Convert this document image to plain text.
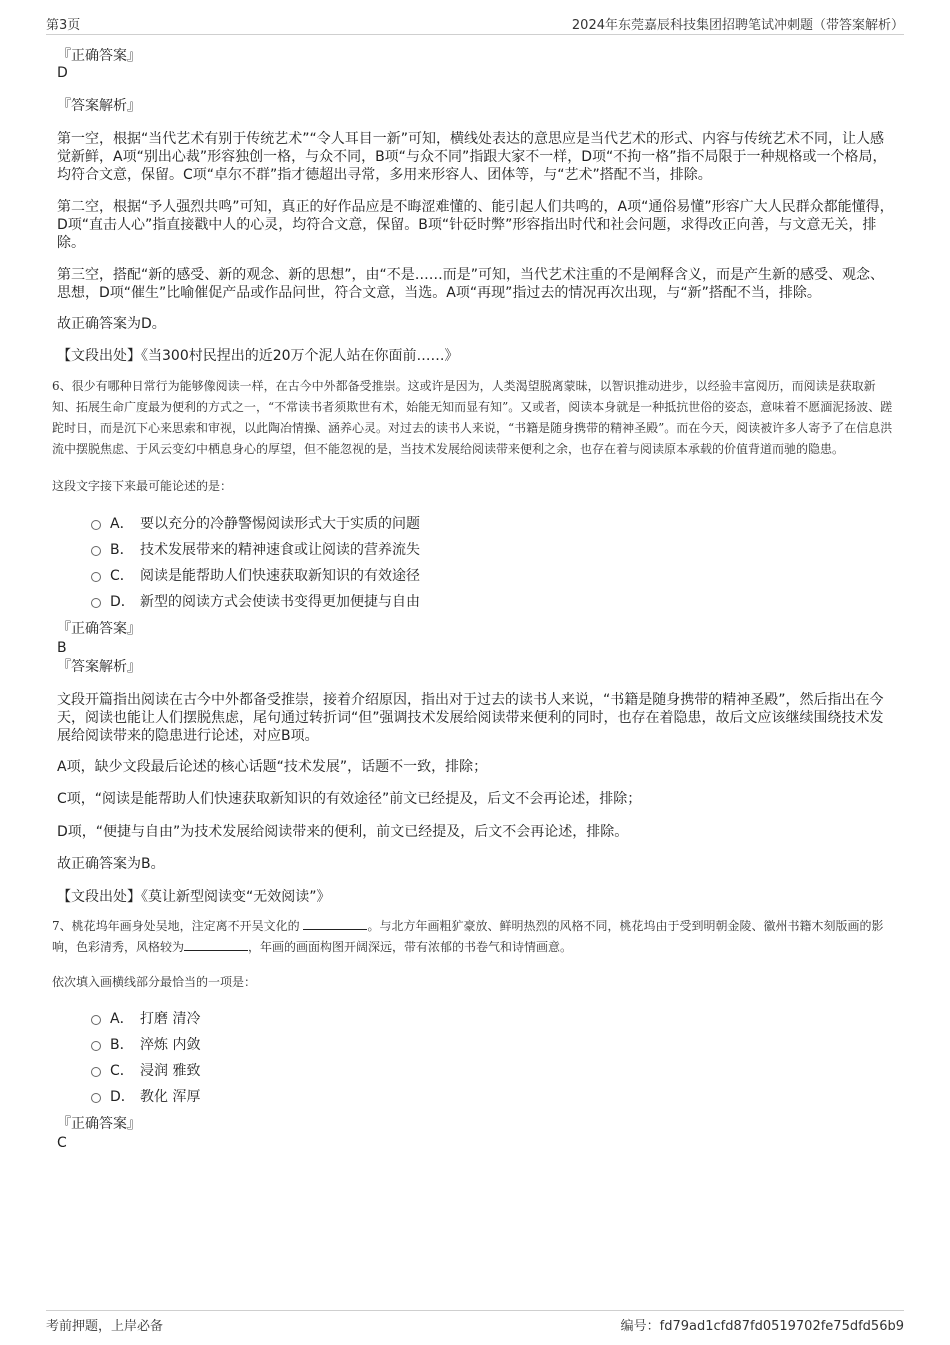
第3页	2024年东莞嘉辰科技集团招聘笔试冲刺题（带答案解析）

『正确答案』

D

『答案解析』

第一空，根据“当代艺术有别于传统艺术”“令人耳目一新”可知，横线处表达的意思应是当代艺术的形式、内容与传统艺术不同，让人感觉新鲜，A项“别出心裁”形容独创一格，与众不同，B项“与众不同”指跟大家不一样，D项“不拘一格”指不局限于一种规格或一个格局，均符合文意，保留。C项“卓尔不群”指才德超出寻常，多用来形容人、团体等，与“艺术”搭配不当，排除。

第二空，根据“予人强烈共鸣”可知，真正的好作品应是不晦涩难懂的、能引起人们共鸣的，A项“通俗易懂”形容广大人民群众都能懂得，D项“直击人心”指直接戳中人的心灵，均符合文意，保留。B项“针砭时弊”形容指出时代和社会问题，求得改正向善，与文意无关，排除。

第三空，搭配“新的感受、新的观念、新的思想”，由“不是……而是”可知，当代艺术注重的不是阐释含义，而是产生新的感受、观念、思想，D项“催生”比喻催促产品或作品问世，符合文意，当选。A项“再现”指过去的情况再次出现，与“新”搭配不当，排除。

故正确答案为D。

【文段出处】《当300村民捏出的近20万个泥人站在你面前……》

6、很少有哪种日常行为能够像阅读一样，在古今中外都备受推崇。这或许是因为，人类渴望脱离蒙昧，以智识推动进步，以经验丰富阅历，而阅读是获取新知、拓展生命广度最为便利的方式之一，“不常读书者须欺世有术，始能无知而显有知”。又或者，阅读本身就是一种抵抗世俗的姿态，意味着不愿湎泥扬波、蹉跎时日，而是沉下心来思索和审视，以此陶冶情操、涵养心灵。对过去的读书人来说，“书籍是随身携带的精神圣殿”。而在今天，阅读被许多人寄予了在信息洪流中摆脱焦虑、于风云变幻中栖息身心的厚望，但不能忽视的是，当技术发展给阅读带来便利之余，也存在着与阅读原本承载的价值背道而驰的隐患。

这段文字接下来最可能论述的是：

A． 要以充分的冷静警惕阅读形式大于实质的问题
B． 技术发展带来的精神速食或让阅读的营养流失
C． 阅读是能帮助人们快速获取新知识的有效途径
D． 新型的阅读方式会使读书变得更加便捷与自由

『正确答案』

B

『答案解析』

文段开篇指出阅读在古今中外都备受推崇，接着介绍原因，指出对于过去的读书人来说，“书籍是随身携带的精神圣殿”，然后指出在今天，阅读也能让人们摆脱焦虑，尾句通过转折词“但”强调技术发展给阅读带来便利的同时，也存在着隐患，故后文应该继续围绕技术发展给阅读带来的隐患进行论述，对应B项。

A项，缺少文段最后论述的核心话题“技术发展”，话题不一致，排除；

C项，“阅读是能帮助人们快速获取新知识的有效途径”前文已经提及，后文不会再论述，排除；

D项，“便捷与自由”为技术发展给阅读带来的便利，前文已经提及，后文不会再论述，排除。

故正确答案为B。

【文段出处】《莫让新型阅读变“无效阅读”》

7、桃花坞年画身处吴地，注定离不开吴文化的	。与北方年画粗犷豪放、鲜明热烈的风格不同，桃花坞由于受到明朝金陵、徽州书籍木刻版画的影响，色彩清秀，风格较为	，年画的画面构图开阔深远，带有浓郁的书卷气和诗情画意。

依次填入画横线部分最恰当的一项是：

A． 打磨 清冷
B． 淬炼 内敛
C． 浸润 雅致
D． 教化 浑厚

『正确答案』

C

考前押题，上岸必备	编号：fd79ad1cfd87fd0519702fe75dfd56b9
